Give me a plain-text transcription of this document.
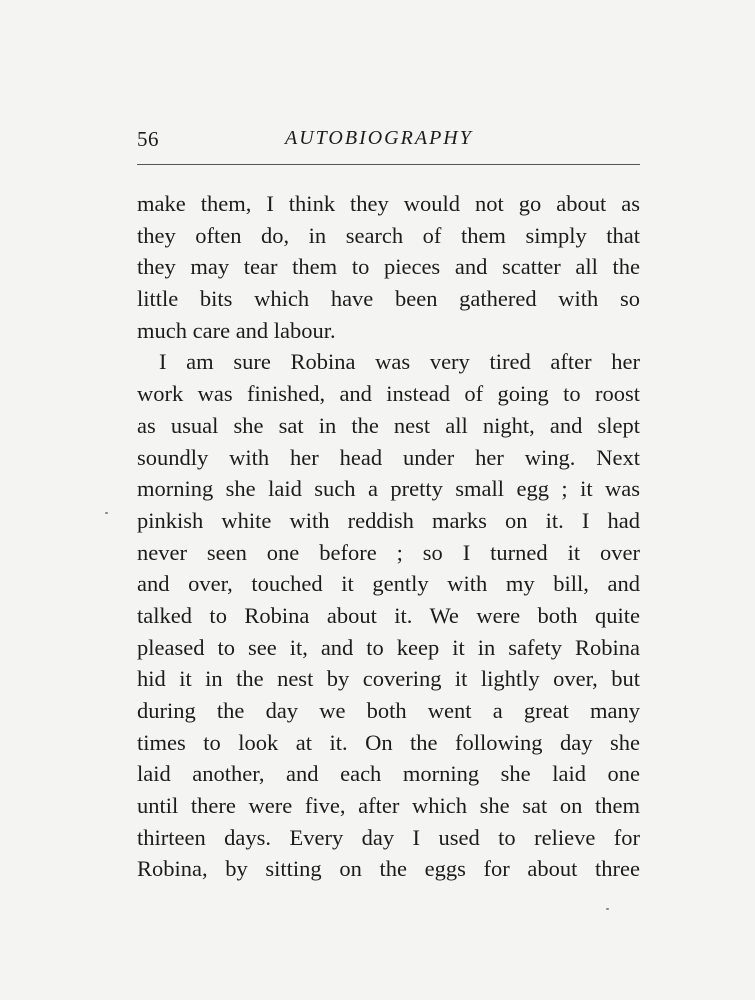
56	AUTOBIOGRAPHY
make them, I think they would not go about as
they often do, in search of them simply that
they may tear them to pieces and scatter all the
little bits which have been gathered with so
much care and labour.
I am sure Robina was very tired after her
work was finished, and instead of going to roost
as usual she sat in the nest all night, and slept
soundly with her head under her wing. Next
morning she laid such a pretty small egg ; it was
pinkish white with reddish marks on it. I had
never seen one before ; so I turned it over
and over, touched it gently with my bill, and
talked to Robina about it. We were both quite
pleased to see it, and to keep it in safety Robina
hid it in the nest by covering it lightly over, but
during the day we both went a great many
times to look at it. On the following day she
laid another, and each morning she laid one
until there were five, after which she sat on them
thirteen days. Every day I used to relieve for
Robina, by sitting on the eggs for about three
